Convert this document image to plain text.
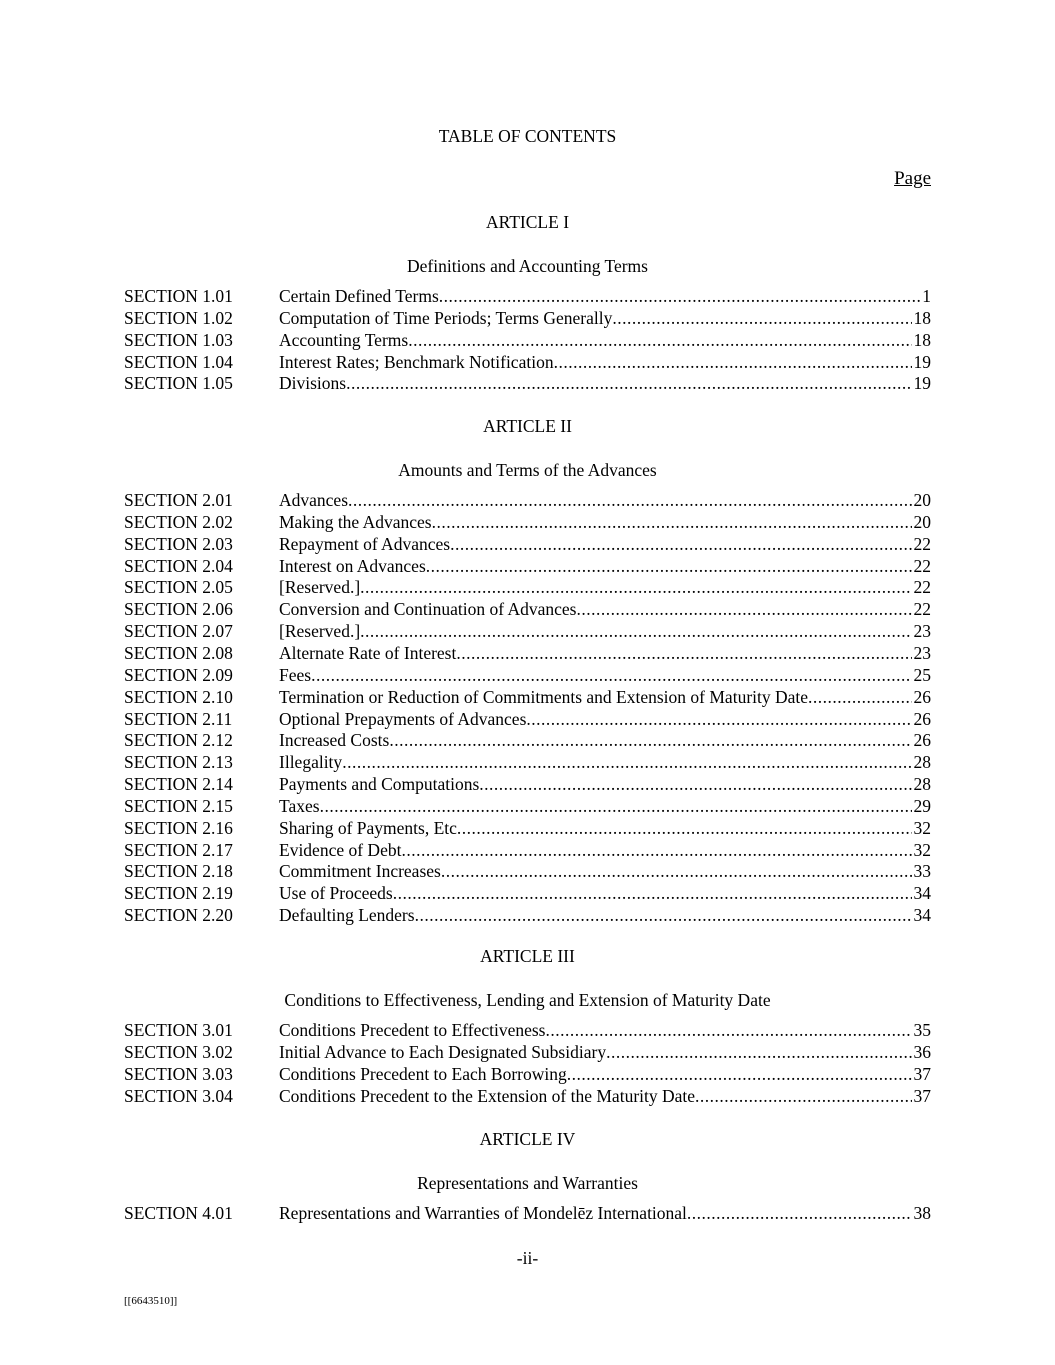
TABLE OF CONTENTS
Page
ARTICLE I
Definitions and Accounting Terms
SECTION 1.01	Certain Defined Terms .....	1
SECTION 1.02	Computation of Time Periods; Terms Generally .....	18
SECTION 1.03	Accounting Terms .....	18
SECTION 1.04	Interest Rates; Benchmark Notification .....	19
SECTION 1.05	Divisions .....	19
ARTICLE II
Amounts and Terms of the Advances
SECTION 2.01	Advances .....	20
SECTION 2.02	Making the Advances .....	20
SECTION 2.03	Repayment of Advances .....	22
SECTION 2.04	Interest on Advances .....	22
SECTION 2.05	[Reserved.] .....	22
SECTION 2.06	Conversion and Continuation of Advances .....	22
SECTION 2.07	[Reserved.] .....	23
SECTION 2.08	Alternate Rate of Interest .....	23
SECTION 2.09	Fees .....	25
SECTION 2.10	Termination or Reduction of Commitments and Extension of Maturity Date .....	26
SECTION 2.11	Optional Prepayments of Advances .....	26
SECTION 2.12	Increased Costs .....	26
SECTION 2.13	Illegality .....	28
SECTION 2.14	Payments and Computations .....	28
SECTION 2.15	Taxes .....	29
SECTION 2.16	Sharing of Payments, Etc .....	32
SECTION 2.17	Evidence of Debt .....	32
SECTION 2.18	Commitment Increases .....	33
SECTION 2.19	Use of Proceeds .....	34
SECTION 2.20	Defaulting Lenders .....	34
ARTICLE III
Conditions to Effectiveness, Lending and Extension of Maturity Date
SECTION 3.01	Conditions Precedent to Effectiveness .....	35
SECTION 3.02	Initial Advance to Each Designated Subsidiary .....	36
SECTION 3.03	Conditions Precedent to Each Borrowing .....	37
SECTION 3.04	Conditions Precedent to the Extension of the Maturity Date .....	37
ARTICLE IV
Representations and Warranties
SECTION 4.01	Representations and Warranties of Mondelēz International .....	38
-ii-
[[6643510]]
